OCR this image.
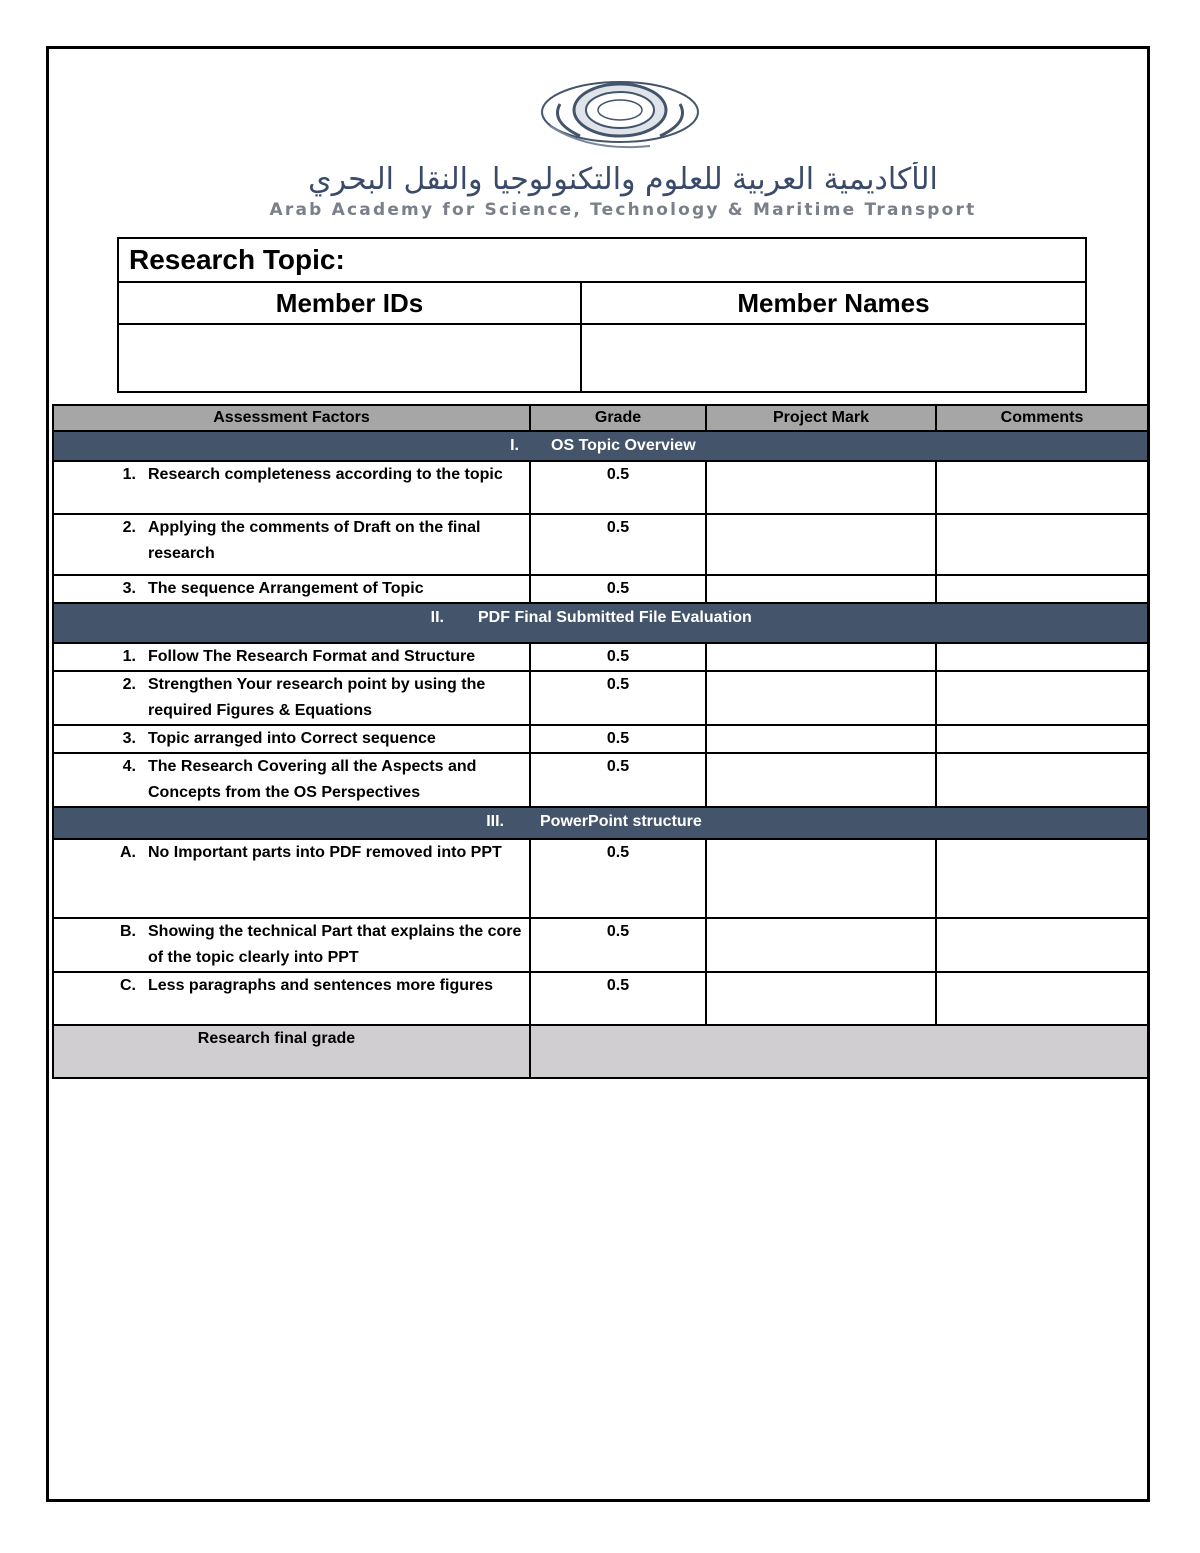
الأكاديمية العربية للعلوم والتكنولوجيا والنقل البحري
Arab Academy for Science, Technology & Maritime Transport
Research Topic:	
Member IDs	Member Names

Assessment Factors	Grade	Project Mark	Comments

I. OS Topic Overview			

1. Research completeness according to the topic	0.5		

2. Applying the comments of Draft on the final research	0.5		

3. The sequence Arrangement of Topic	0.5		

II. PDF Final Submitted File Evaluation			

1. Follow The Research Format and Structure	0.5		

2. Strengthen Your research point by using the required Figures & Equations	0.5		

3. Topic arranged into Correct sequence	0.5		

4. The Research Covering all the Aspects and Concepts from the OS Perspectives	0.5		

III. PowerPoint structure			

A. No Important parts into PDF removed into PPT	0.5		

B. Showing the technical Part that explains the core of the topic clearly into PPT	0.5		

C. Less paragraphs and sentences more figures	0.5		
Research final grade			
